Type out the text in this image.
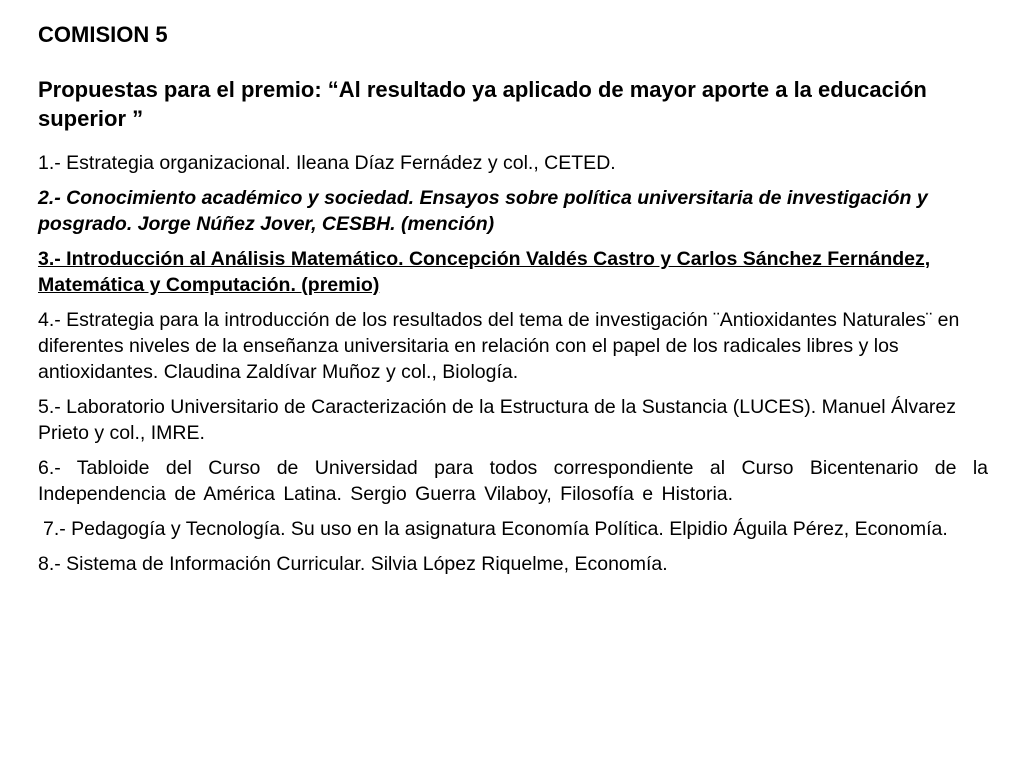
COMISION 5

Propuestas para el premio: “Al resultado ya aplicado de mayor aporte a la educación superior ”

1.- Estrategia organizacional. Ileana Díaz Fernádez y col., CETED.

2.- Conocimiento académico y sociedad. Ensayos sobre política universitaria de investigación y posgrado. Jorge Núñez Jover, CESBH. (mención)

3.- Introducción al Análisis Matemático. Concepción Valdés Castro y Carlos Sánchez Fernández, Matemática y Computación. (premio)

4.- Estrategia para la introducción de los resultados del tema de investigación ¨Antioxidantes Naturales¨ en diferentes niveles de la enseñanza universitaria en relación con el papel de los radicales libres y los antioxidantes. Claudina Zaldívar Muñoz y col., Biología.

5.- Laboratorio Universitario de Caracterización de la Estructura de la Sustancia (LUCES). Manuel Álvarez Prieto y col., IMRE.

6.- Tabloide del Curso de Universidad para todos correspondiente al Curso Bicentenario de la Independencia de América Latina. Sergio Guerra Vilaboy, Filosofía e Historia.

7.- Pedagogía y Tecnología. Su uso en la asignatura Economía Política. Elpidio Águila Pérez, Economía.

8.- Sistema de Información Curricular. Silvia López Riquelme, Economía.
